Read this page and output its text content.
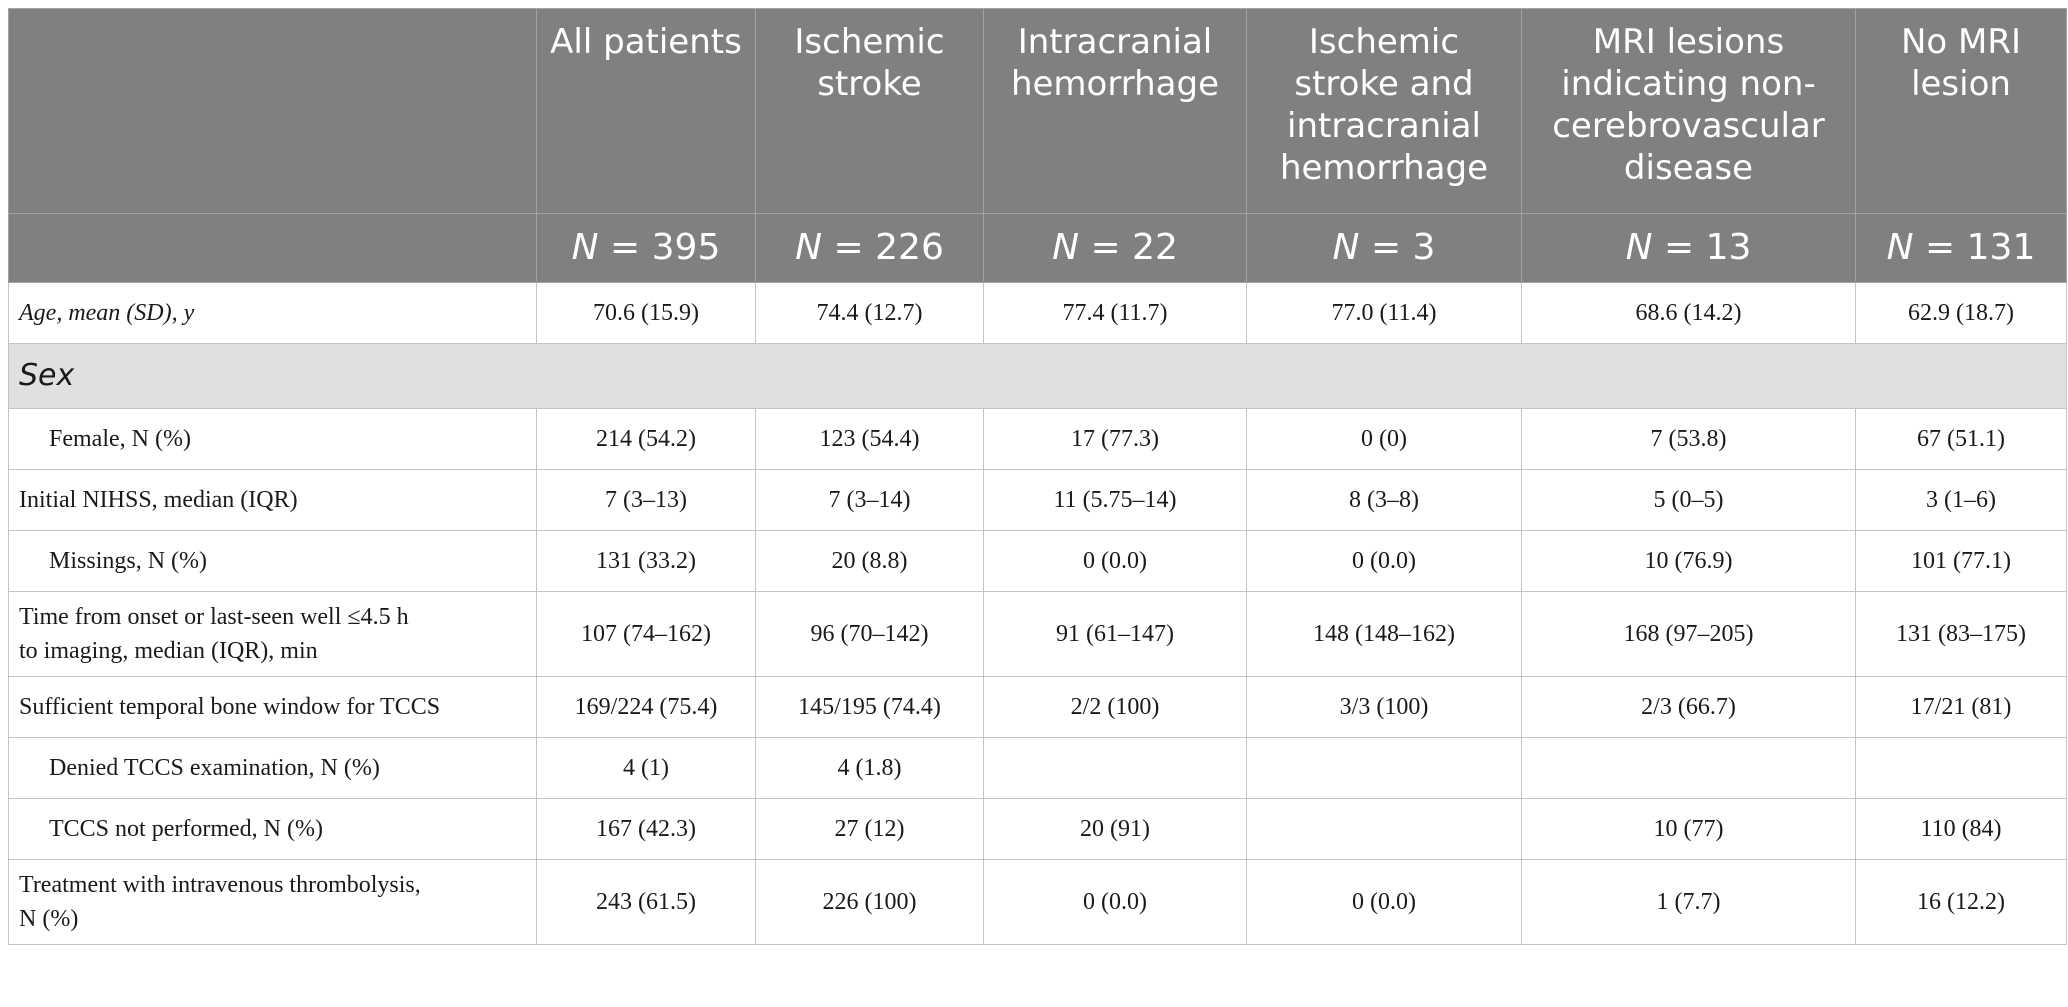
	All patients	Ischemic stroke	Intracranial hemorrhage	Ischemic stroke and intracranial hemorrhage	MRI lesions indicating non-cerebrovascular disease	No MRI lesion
	N = 395	N = 226	N = 22	N = 3	N = 13	N = 131
Age, mean (SD), y	70.6 (15.9)	74.4 (12.7)	77.4 (11.7)	77.0 (11.4)	68.6 (14.2)	62.9 (18.7)
Sex						
Female, N (%)	214 (54.2)	123 (54.4)	17 (77.3)	0 (0)	7 (53.8)	67 (51.1)
Initial NIHSS, median (IQR)	7 (3–13)	7 (3–14)	11 (5.75–14)	8 (3–8)	5 (0–5)	3 (1–6)
Missings, N (%)	131 (33.2)	20 (8.8)	0 (0.0)	0 (0.0)	10 (76.9)	101 (77.1)

Time from onset or last-seen well ≤4.5 h
to imaging, median (IQR), min	107 (74–162)	96 (70–142)	91 (61–147)	148 (148–162)	168 (97–205)	131 (83–175)
Sufficient temporal bone window for TCCS	169/224 (75.4)	145/195 (74.4)	2/2 (100)	3/3 (100)	2/3 (66.7)	17/21 (81)
Denied TCCS examination, N (%)	4 (1)	4 (1.8)				
TCCS not performed, N (%)	167 (42.3)	27 (12)	20 (91)		10 (77)	110 (84)

Treatment with intravenous thrombolysis,
N (%)	243 (61.5)	226 (100)	0 (0.0)	0 (0.0)	1 (7.7)	16 (12.2)
